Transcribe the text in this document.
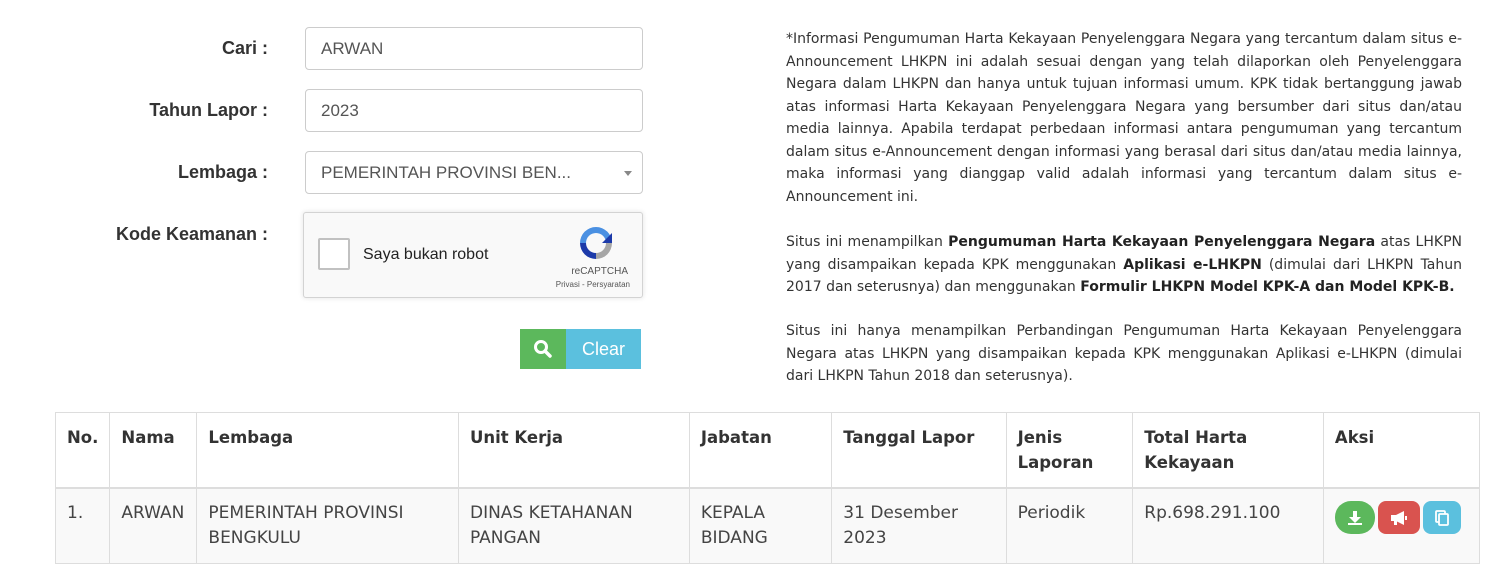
Cari :	ARWAN
Tahun Lapor :	2023
Lembaga :	PEMERINTAH PROVINSI BEN...
Kode Keamanan :
Saya bukan robot
reCAPTCHA
Privasi - Persyaratan
Clear

*Informasi Pengumuman Harta Kekayaan Penyelenggara Negara yang tercantum dalam situs e-Announcement LHKPN ini adalah sesuai dengan yang telah dilaporkan oleh Penyelenggara Negara dalam LHKPN dan hanya untuk tujuan informasi umum. KPK tidak bertanggung jawab atas informasi Harta Kekayaan Penyelenggara Negara yang bersumber dari situs dan/atau media lainnya. Apabila terdapat perbedaan informasi antara pengumuman yang tercantum dalam situs e-Announcement dengan informasi yang berasal dari situs dan/atau media lainnya, maka informasi yang dianggap valid adalah informasi yang tercantum dalam situs e-Announcement ini.

Situs ini menampilkan Pengumuman Harta Kekayaan Penyelenggara Negara atas LHKPN yang disampaikan kepada KPK menggunakan Aplikasi e-LHKPN (dimulai dari LHKPN Tahun 2017 dan seterusnya) dan menggunakan Formulir LHKPN Model KPK-A dan Model KPK-B.

Situs ini hanya menampilkan Perbandingan Pengumuman Harta Kekayaan Penyelenggara Negara atas LHKPN yang disampaikan kepada KPK menggunakan Aplikasi e-LHKPN (dimulai dari LHKPN Tahun 2018 dan seterusnya).

No.	Nama	Lembaga	Unit Kerja	Jabatan	Tanggal Lapor	Jenis Laporan	Total Harta Kekayaan	Aksi
1.	ARWAN	PEMERINTAH PROVINSI BENGKULU	DINAS KETAHANAN PANGAN	KEPALA BIDANG	31 Desember 2023	Periodik	Rp.698.291.100	
